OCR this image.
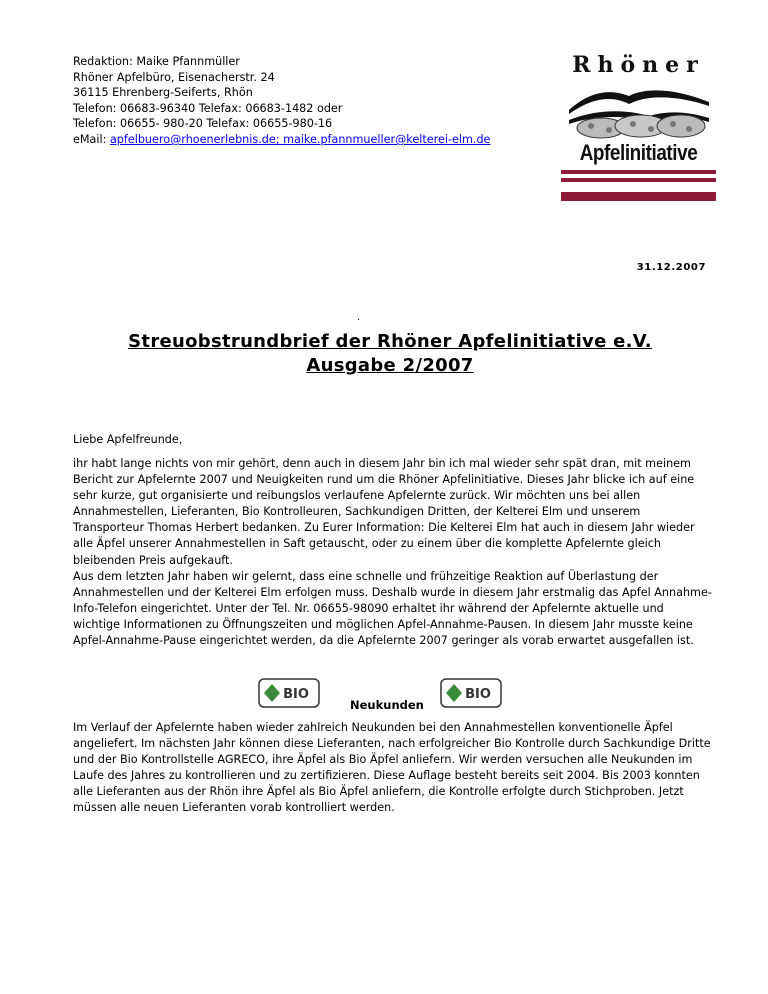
Redaktion: Maike Pfannmüller
Rhöner Apfelbüro, Eisenacherstr. 24
36115 Ehrenberg-Seiferts, Rhön
Telefon: 06683-96340 Telefax: 06683-1482 oder
Telefon: 06655- 980-20 Telefax: 06655-980-16
eMail: apfelbuero@rhoenerlebnis.de; maike.pfannmueller@kelterei-elm.de
Rhöner
Apfelinitiative
31.12.2007
.
Streuobstrundbrief der Rhöner Apfelinitiative e.V.
Ausgabe 2/2007
Liebe Apfelfreunde,
ihr habt lange nichts von mir gehört, denn auch in diesem Jahr bin ich mal wieder sehr spät dran, mit meinem Bericht zur Apfelernte 2007 und Neuigkeiten rund um die Rhöner Apfelinitiative. Dieses Jahr blicke ich auf eine sehr kurze, gut organisierte und reibungslos verlaufene Apfelernte zurück. Wir möchten uns bei allen Annahmestellen, Lieferanten, Bio Kontrolleuren, Sachkundigen Dritten, der Kelterei Elm und unserem Transporteur Thomas Herbert bedanken. Zu Eurer Information: Die Kelterei Elm hat auch in diesem Jahr wieder alle Äpfel unserer Annahmestellen in Saft getauscht, oder zu einem über die komplette Apfelernte gleich bleibenden Preis aufgekauft.
Aus dem letzten Jahr haben wir gelernt, dass eine schnelle und frühzeitige Reaktion auf Überlastung der Annahmestellen und der Kelterei Elm erfolgen muss. Deshalb wurde in diesem Jahr erstmalig das Apfel Annahme-Info-Telefon eingerichtet. Unter der Tel. Nr. 06655-98090 erhaltet ihr während der Apfelernte aktuelle und wichtige Informationen zu Öffnungszeiten und möglichen Apfel-Annahme-Pausen. In diesem Jahr musste keine Apfel-Annahme-Pause eingerichtet werden, da die Apfelernte 2007 geringer als vorab erwartet ausgefallen ist.
BIO
Neukunden
BIO
Im Verlauf der Apfelernte haben wieder zahlreich Neukunden bei den Annahmestellen konventionelle Äpfel angeliefert. Im nächsten Jahr können diese Lieferanten, nach erfolgreicher Bio Kontrolle durch Sachkundige Dritte und der Bio Kontrollstelle AGRECO, ihre Äpfel als Bio Äpfel anliefern. Wir werden versuchen alle Neukunden im Laufe des Jahres zu kontrollieren und zu zertifizieren. Diese Auflage besteht bereits seit 2004. Bis 2003 konnten alle Lieferanten aus der Rhön ihre Äpfel als Bio Äpfel anliefern, die Kontrolle erfolgte durch Stichproben. Jetzt müssen alle neuen Lieferanten vorab kontrolliert werden.
